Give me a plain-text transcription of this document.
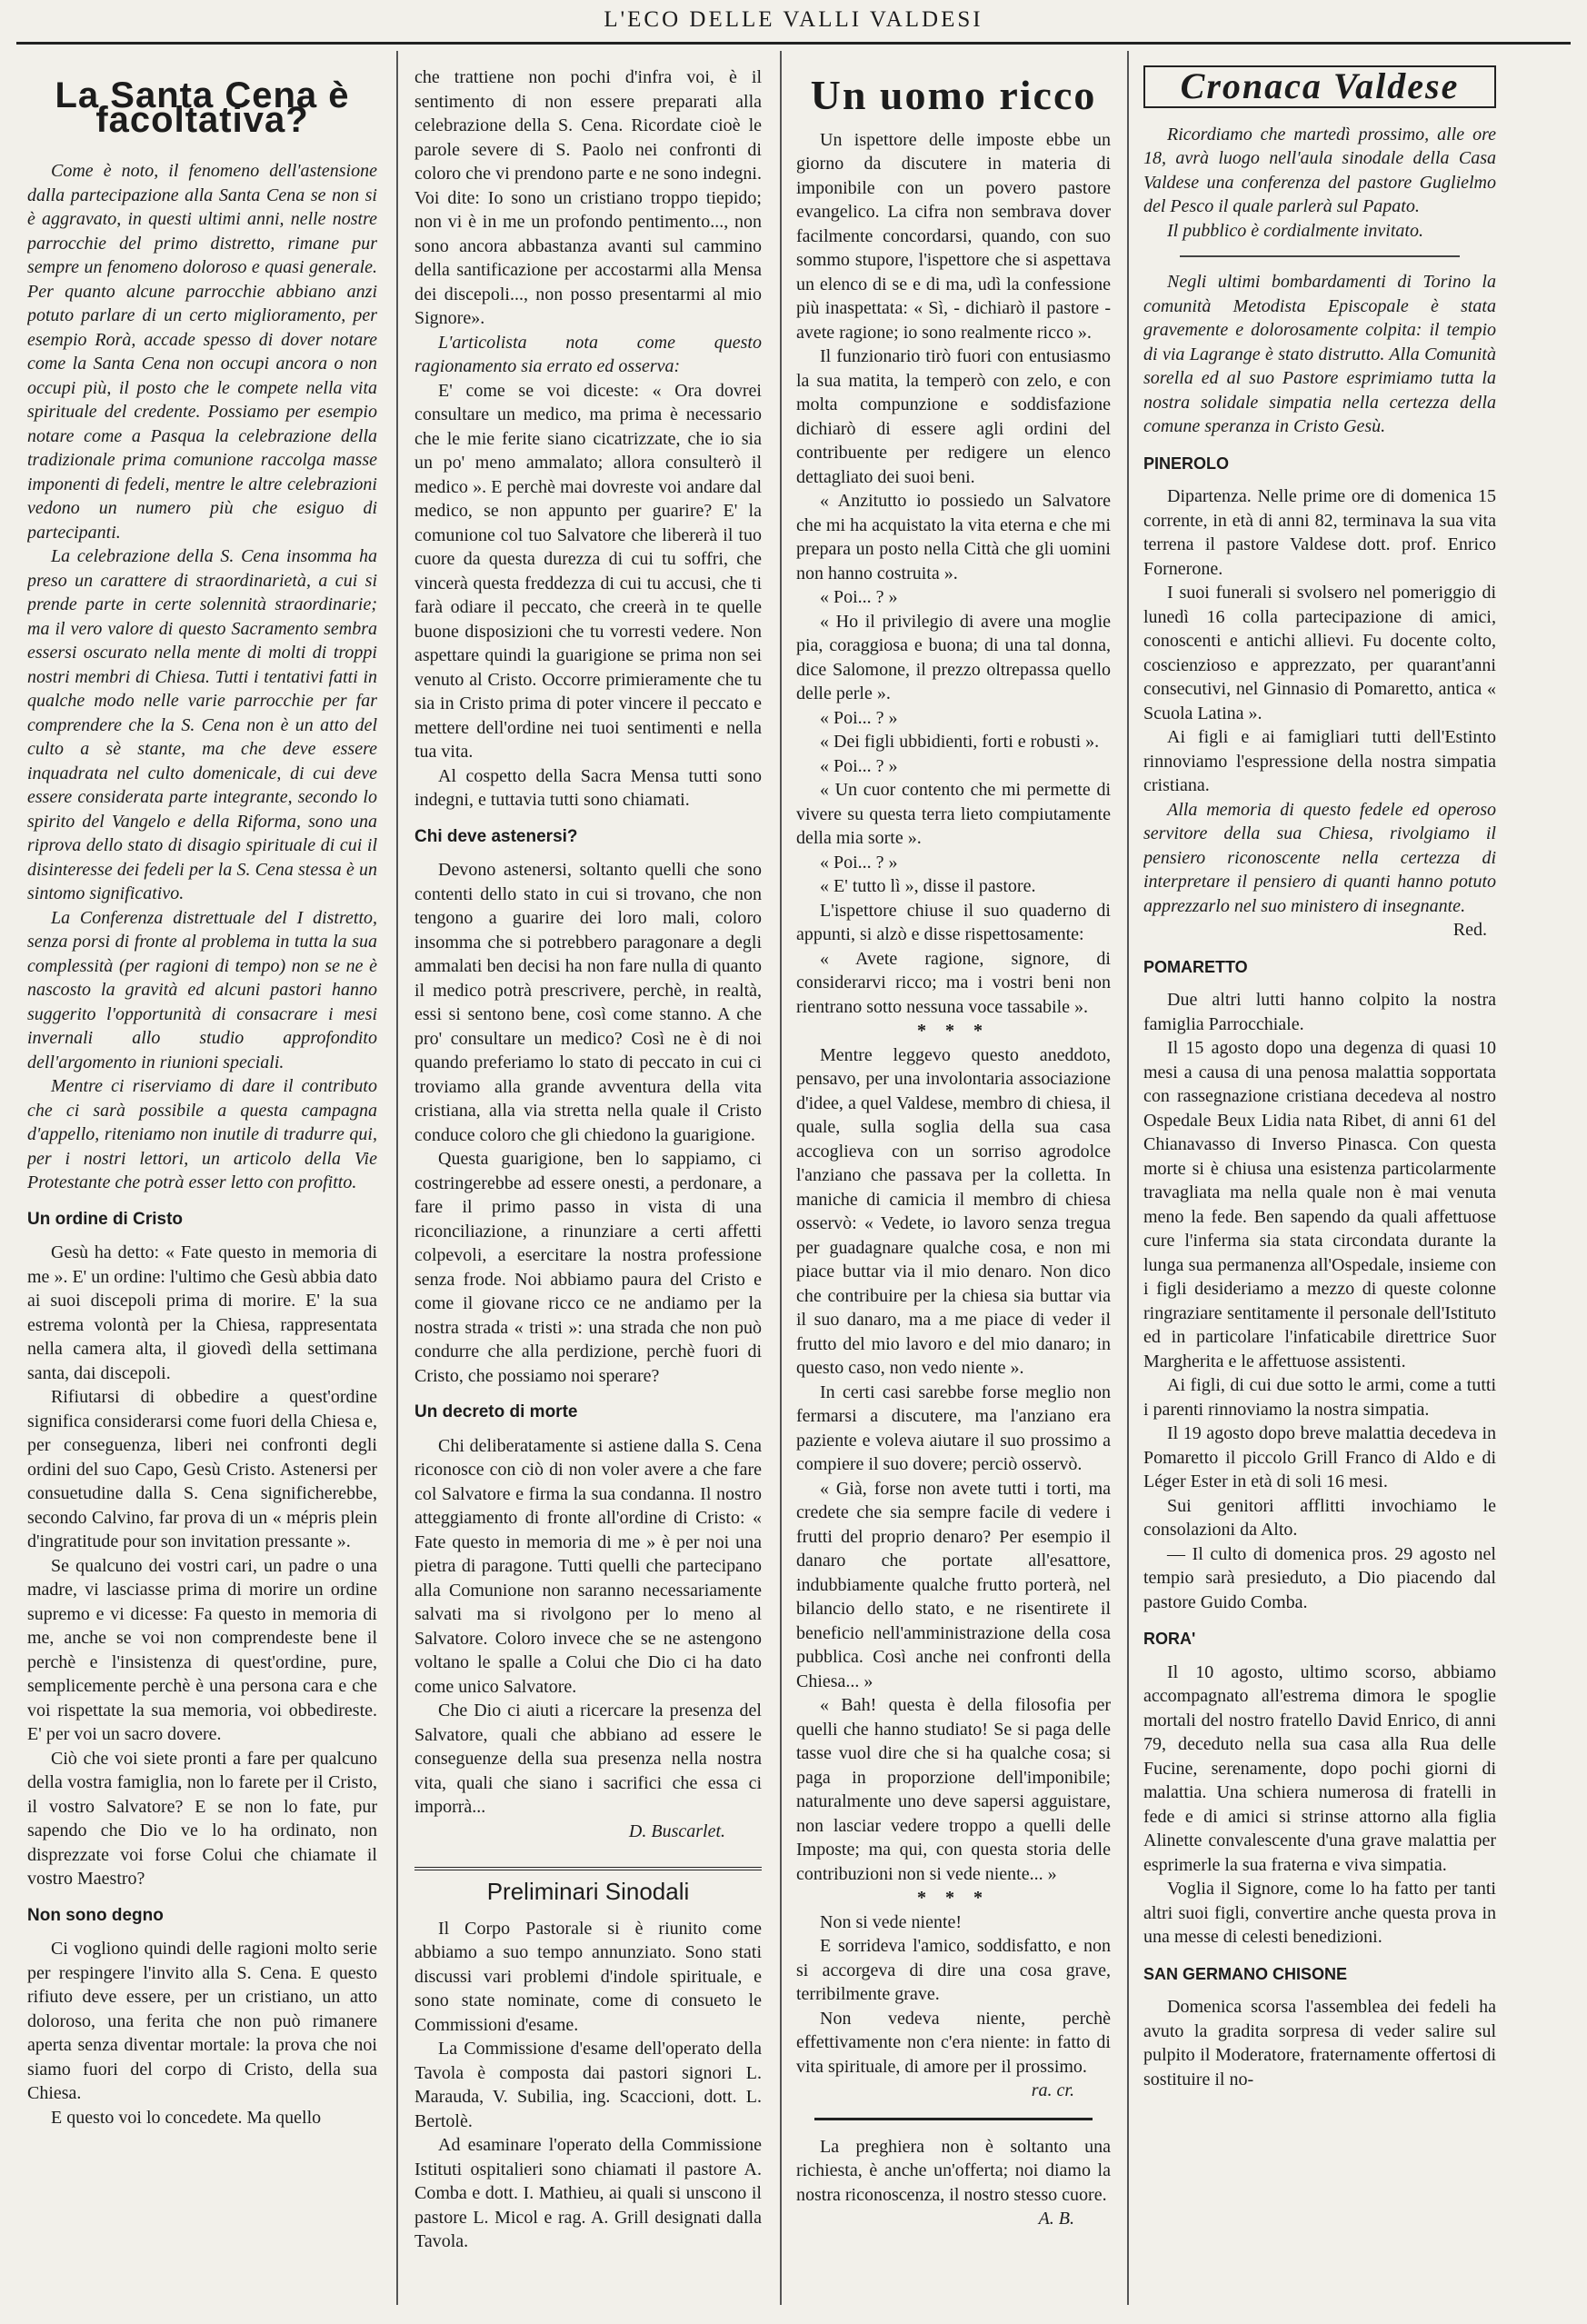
L'ECO DELLE VALLI VALDESI
La Santa Cena è facoltativa?

Come è noto, il fenomeno dell'astensione dalla partecipazione alla Santa Cena se non si è aggravato, in questi ultimi anni, nelle nostre parrocchie del primo distretto, rimane pur sempre un fenomeno doloroso e quasi generale. Per quanto alcune parrocchie abbiano anzi potuto parlare di un certo miglioramento, per esempio Rorà, accade spesso di dover notare come la Santa Cena non occupi ancora o non occupi più, il posto che le compete nella vita spirituale del credente. Possiamo per esempio notare come a Pasqua la celebrazione della tradizionale prima comunione raccolga masse imponenti di fedeli, mentre le altre celebrazioni vedono un numero più che esiguo di partecipanti.

La celebrazione della S. Cena insomma ha preso un carattere di straordinarietà, a cui si prende parte in certe solennità straordinarie; ma il vero valore di questo Sacramento sembra essersi oscurato nella mente di molti di troppi nostri membri di Chiesa. Tutti i tentativi fatti in qualche modo nelle varie parrocchie per far comprendere che la S. Cena non è un atto del culto a sè stante, ma che deve essere inquadrata nel culto domenicale, di cui deve essere considerata parte integrante, secondo lo spirito del Vangelo e della Riforma, sono una riprova dello stato di disagio spirituale di cui il disinteresse dei fedeli per la S. Cena stessa è un sintomo significativo.

La Conferenza distrettuale del I distretto, senza porsi di fronte al problema in tutta la sua complessità (per ragioni di tempo) non se ne è nascosto la gravità ed alcuni pastori hanno suggerito l'opportunità di consacrare i mesi invernali allo studio approfondito dell'argomento in riunioni speciali.

Mentre ci riserviamo di dare il contributo che ci sarà possibile a questa campagna d'appello, riteniamo non inutile di tradurre qui, per i nostri lettori, un articolo della Vie Protestante che potrà esser letto con profitto.

Un ordine di Cristo

Gesù ha detto: « Fate questo in memoria di me ». E' un ordine: l'ultimo che Gesù abbia dato ai suoi discepoli prima di morire. E' la sua estrema volontà per la Chiesa, rappresentata nella camera alta, il giovedì della settimana santa, dai discepoli.

Rifiutarsi di obbedire a quest'ordine significa considerarsi come fuori della Chiesa e, per conseguenza, liberi nei confronti degli ordini del suo Capo, Gesù Cristo. Astenersi per consuetudine dalla S. Cena significherebbe, secondo Calvino, far prova di un « mépris plein d'ingratitude pour son invitation pressante ».

Se qualcuno dei vostri cari, un padre o una madre, vi lasciasse prima di morire un ordine supremo e vi dicesse: Fa questo in memoria di me, anche se voi non comprendeste bene il perchè e l'insistenza di quest'ordine, pure, semplicemente perchè è una persona cara e che voi rispettate la sua memoria, voi obbedireste. E' per voi un sacro dovere.

Ciò che voi siete pronti a fare per qualcuno della vostra famiglia, non lo farete per il Cristo, il vostro Salvatore? E se non lo fate, pur sapendo che Dio ve lo ha ordinato, non disprezzate voi forse Colui che chiamate il vostro Maestro?

Non sono degno

Ci vogliono quindi delle ragioni molto serie per respingere l'invito alla S. Cena. E questo rifiuto deve essere, per un cristiano, un atto doloroso, una ferita che non può rimanere aperta senza diventar mortale: la prova che noi siamo fuori del corpo di Cristo, della sua Chiesa.

E questo voi lo concedete. Ma quello

che trattiene non pochi d'infra voi, è il sentimento di non essere preparati alla celebrazione della S. Cena. Ricordate cioè le parole severe di S. Paolo nei confronti di coloro che vi prendono parte e ne sono indegni. Voi dite: Io sono un cristiano troppo tiepido; non vi è in me un profondo pentimento..., non sono ancora abbastanza avanti sul cammino della santificazione per accostarmi alla Mensa dei discepoli..., non posso presentarmi al mio Signore».

L'articolista nota come questo ragionamento sia errato ed osserva:

E' come se voi diceste: « Ora dovrei consultare un medico, ma prima è necessario che le mie ferite siano cicatrizzate, che io sia un po' meno ammalato; allora consulterò il medico ». E perchè mai dovreste voi andare dal medico, se non appunto per guarire? E' la comunione col tuo Salvatore che libererà il tuo cuore da questa durezza di cui tu soffri, che vincerà questa freddezza di cui tu accusi, che ti farà odiare il peccato, che creerà in te quelle buone disposizioni che tu vorresti vedere. Non aspettare quindi la guarigione se prima non sei venuto al Cristo. Occorre primieramente che tu sia in Cristo prima di poter vincere il peccato e mettere dell'ordine nei tuoi sentimenti e nella tua vita.

Al cospetto della Sacra Mensa tutti sono indegni, e tuttavia tutti sono chiamati.

Chi deve astenersi?

Devono astenersi, soltanto quelli che sono contenti dello stato in cui si trovano, che non tengono a guarire dei loro mali, coloro insomma che si potrebbero paragonare a degli ammalati ben decisi ha non fare nulla di quanto il medico potrà prescrivere, perchè, in realtà, essi si sentono bene, così come stanno. A che pro' consultare un medico? Così ne è di noi quando preferiamo lo stato di peccato in cui ci troviamo alla grande avventura della vita cristiana, alla via stretta nella quale il Cristo conduce coloro che gli chiedono la guarigione.

Questa guarigione, ben lo sappiamo, ci costringerebbe ad essere onesti, a perdonare, a fare il primo passo in vista di una riconciliazione, a rinunziare a certi affetti colpevoli, a esercitare la nostra professione senza frode. Noi abbiamo paura del Cristo e come il giovane ricco ce ne andiamo per la nostra strada « tristi »: una strada che non può condurre che alla perdizione, perchè fuori di Cristo, che possiamo noi sperare?

Un decreto di morte

Chi deliberatamente si astiene dalla S. Cena riconosce con ciò di non voler avere a che fare col Salvatore e firma la sua condanna. Il nostro atteggiamento di fronte all'ordine di Cristo: « Fate questo in memoria di me » è per noi una pietra di paragone. Tutti quelli che partecipano alla Comunione non saranno necessariamente salvati ma si rivolgono per lo meno al Salvatore. Coloro invece che se ne astengono voltano le spalle a Colui che Dio ci ha dato come unico Salvatore.

Che Dio ci aiuti a ricercare la presenza del Salvatore, quali che abbiano ad essere le conseguenze della sua presenza nella nostra vita, quali che siano i sacrifici che essa ci imporrà...

D. Buscarlet.
Preliminari Sinodali

Il Corpo Pastorale si è riunito come abbiamo a suo tempo annunziato. Sono stati discussi vari problemi d'indole spirituale, e sono state nominate, come di consueto le Commissioni d'esame.

La Commissione d'esame dell'operato della Tavola è composta dai pastori signori L. Marauda, V. Subilia, ing. Scaccioni, dott. L. Bertolè.

Ad esaminare l'operato della Commissione Istituti ospitalieri sono chiamati il pastore A. Comba e dott. I. Mathieu, ai quali si unscono il pastore L. Micol e rag. A. Grill designati dalla Tavola.

Un uomo ricco

Un ispettore delle imposte ebbe un giorno da discutere in materia di imponibile con un povero pastore evangelico. La cifra non sembrava dover facilmente concordarsi, quando, con suo sommo stupore, l'ispettore che si aspettava un elenco di se e di ma, udì la confessione più inaspettata: « Sì, - dichiarò il pastore - avete ragione; io sono realmente ricco ».

Il funzionario tirò fuori con entusiasmo la sua matita, la temperò con zelo, e con molta compunzione e soddisfazione dichiarò di essere agli ordini del contribuente per redigere un elenco dettagliato dei suoi beni.

« Anzitutto io possiedo un Salvatore che mi ha acquistato la vita eterna e che mi prepara un posto nella Città che gli uomini non hanno costruita ».

« Poi... ? »

« Ho il privilegio di avere una moglie pia, coraggiosa e buona; di una tal donna, dice Salomone, il prezzo oltrepassa quello delle perle ».

« Poi... ? »

« Dei figli ubbidienti, forti e robusti ».

« Poi... ? »

« Un cuor contento che mi permette di vivere su questa terra lieto compiutamente della mia sorte ».

« Poi... ? »

« E' tutto lì », disse il pastore.

L'ispettore chiuse il suo quaderno di appunti, si alzò e disse rispettosamente:

« Avete ragione, signore, di considerarvi ricco; ma i vostri beni non rientrano sotto nessuna voce tassabile ».

* * *

Mentre leggevo questo aneddoto, pensavo, per una involontaria associazione d'idee, a quel Valdese, membro di chiesa, il quale, sulla soglia della sua casa accoglieva con un sorriso agrodolce l'anziano che passava per la colletta. In maniche di camicia il membro di chiesa osservò: « Vedete, io lavoro senza tregua per guadagnare qualche cosa, e non mi piace buttar via il mio denaro. Non dico che contribuire per la chiesa sia buttar via il suo danaro, ma a me piace di veder il frutto del mio lavoro e del mio danaro; in questo caso, non vedo niente ».

In certi casi sarebbe forse meglio non fermarsi a discutere, ma l'anziano era paziente e voleva aiutare il suo prossimo a compiere il suo dovere; perciò osservò.

« Già, forse non avete tutti i torti, ma credete che sia sempre facile di vedere i frutti del proprio denaro? Per esempio il danaro che portate all'esattore, indubbiamente qualche frutto porterà, nel bilancio dello stato, e ne risentirete il beneficio nell'amministrazione della cosa pubblica. Così anche nei confronti della Chiesa... »

« Bah! questa è della filosofia per quelli che hanno studiato! Se si paga delle tasse vuol dire che si ha qualche cosa; si paga in proporzione dell'imponibile; naturalmente uno deve sapersi agguistare, non lasciar vedere troppo a quelli delle Imposte; ma qui, con questa storia delle contribuzioni non si vede niente... »

* * *

Non si vede niente!

E sorrideva l'amico, soddisfatto, e non si accorgeva di dire una cosa grave, terribilmente grave.

Non vedeva niente, perchè effettivamente non c'era niente: in fatto di vita spirituale, di amore per il prossimo.

ra. cr.

La preghiera non è soltanto una richiesta, è anche un'offerta; noi diamo la nostra riconoscenza, il nostro stesso cuore.

A. B.
Cronaca Valdese

Ricordiamo che martedì prossimo, alle ore 18, avrà luogo nell'aula sinodale della Casa Valdese una conferenza del pastore Guglielmo del Pesco il quale parlerà sul Papato.

Il pubblico è cordialmente invitato.

Negli ultimi bombardamenti di Torino la comunità Metodista Episcopale è stata gravemente e dolorosamente colpita: il tempio di via Lagrange è stato distrutto. Alla Comunità sorella ed al suo Pastore esprimiamo tutta la nostra solidale simpatia nella certezza della comune speranza in Cristo Gesù.

PINEROLO

Dipartenza. Nelle prime ore di domenica 15 corrente, in età di anni 82, terminava la sua vita terrena il pastore Valdese dott. prof. Enrico Fornerone.

I suoi funerali si svolsero nel pomeriggio di lunedì 16 colla partecipazione di amici, conoscenti e antichi allievi. Fu docente colto, coscienzioso e apprezzato, per quarant'anni consecutivi, nel Ginnasio di Pomaretto, antica « Scuola Latina ».

Ai figli e ai famigliari tutti dell'Estinto rinnoviamo l'espressione della nostra simpatia cristiana.

Alla memoria di questo fedele ed operoso servitore della sua Chiesa, rivolgiamo il pensiero riconoscente nella certezza di interpretare il pensiero di quanti hanno potuto apprezzarlo nel suo ministero di insegnante.

Red.
POMARETTO

Due altri lutti hanno colpito la nostra famiglia Parrocchiale.

Il 15 agosto dopo una degenza di quasi 10 mesi a causa di una penosa malattia sopportata con rassegnazione cristiana decedeva al nostro Ospedale Beux Lidia nata Ribet, di anni 61 del Chianavasso di Inverso Pinasca. Con questa morte si è chiusa una esistenza particolarmente travagliata ma nella quale non è mai venuta meno la fede. Ben sapendo da quali affettuose cure l'inferma sia stata circondata durante la lunga sua permanenza all'Ospedale, insieme con i figli desideriamo a mezzo di queste colonne ringraziare sentitamente il personale dell'Istituto ed in particolare l'infaticabile direttrice Suor Margherita e le affettuose assistenti.

Ai figli, di cui due sotto le armi, come a tutti i parenti rinnoviamo la nostra simpatia.

Il 19 agosto dopo breve malattia decedeva in Pomaretto il piccolo Grill Franco di Aldo e di Léger Ester in età di soli 16 mesi.

Sui genitori afflitti invochiamo le consolazioni da Alto.

— Il culto di domenica pros. 29 agosto nel tempio sarà presieduto, a Dio piacendo dal pastore Guido Comba.

RORA'

Il 10 agosto, ultimo scorso, abbiamo accompagnato all'estrema dimora le spoglie mortali del nostro fratello David Enrico, di anni 79, deceduto nella sua casa alla Rua delle Fucine, serenamente, dopo pochi giorni di malattia. Una schiera numerosa di fratelli in fede e di amici si strinse attorno alla figlia Alinette convalescente d'una grave malattia per esprimerle la sua fraterna e viva simpatia.

Voglia il Signore, come lo ha fatto per tanti altri suoi figli, convertire anche questa prova in una messe di celesti benedizioni.

SAN GERMANO CHISONE

Domenica scorsa l'assemblea dei fedeli ha avuto la gradita sorpresa di veder salire sul pulpito il Moderatore, fraternamente offertosi di sostituire il no-
